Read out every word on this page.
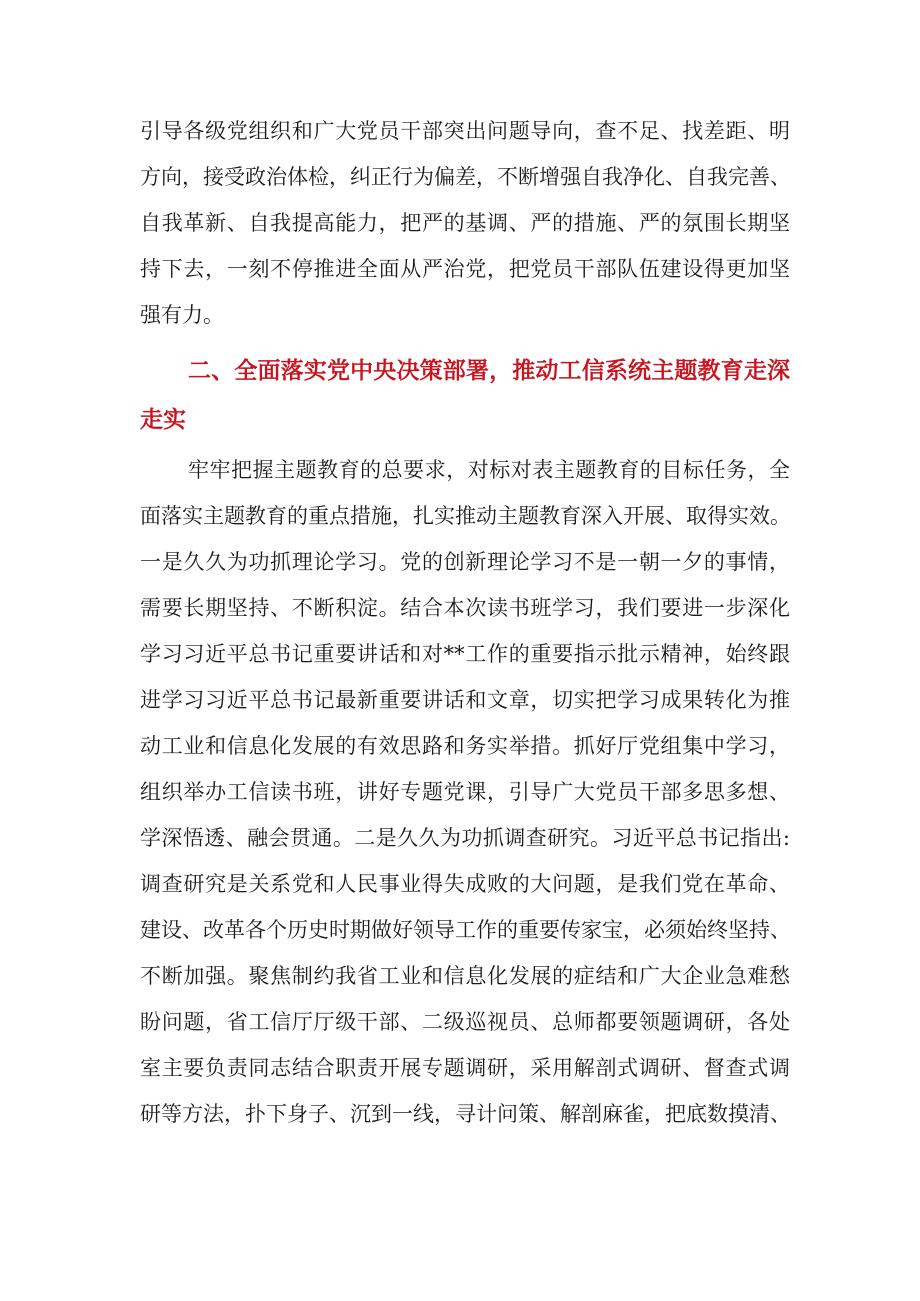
引导各级党组织和广大党员干部突出问题导向，查不足、找差距、明
方向，接受政治体检，纠正行为偏差，不断增强自我净化、自我完善、
自我革新、自我提高能力，把严的基调、严的措施、严的氛围长期坚
持下去，一刻不停推进全面从严治党，把党员干部队伍建设得更加坚
强有力。
二、全面落实党中央决策部署，推动工信系统主题教育走深
走实
牢牢把握主题教育的总要求，对标对表主题教育的目标任务，全
面落实主题教育的重点措施，扎实推动主题教育深入开展、取得实效。
一是久久为功抓理论学习。党的创新理论学习不是一朝一夕的事情，
需要长期坚持、不断积淀。结合本次读书班学习，我们要进一步深化
学习习近平总书记重要讲话和对**工作的重要指示批示精神，始终跟
进学习习近平总书记最新重要讲话和文章，切实把学习成果转化为推
动工业和信息化发展的有效思路和务实举措。抓好厅党组集中学习，
组织举办工信读书班，讲好专题党课，引导广大党员干部多思多想、
学深悟透、融会贯通。二是久久为功抓调查研究。习近平总书记指出:
调查研究是关系党和人民事业得失成败的大问题，是我们党在革命、
建设、改革各个历史时期做好领导工作的重要传家宝，必须始终坚持、
不断加强。聚焦制约我省工业和信息化发展的症结和广大企业急难愁
盼问题，省工信厅厅级干部、二级巡视员、总师都要领题调研，各处
室主要负责同志结合职责开展专题调研，采用解剖式调研、督查式调
研等方法，扑下身子、沉到一线，寻计问策、解剖麻雀，把底数摸清、
